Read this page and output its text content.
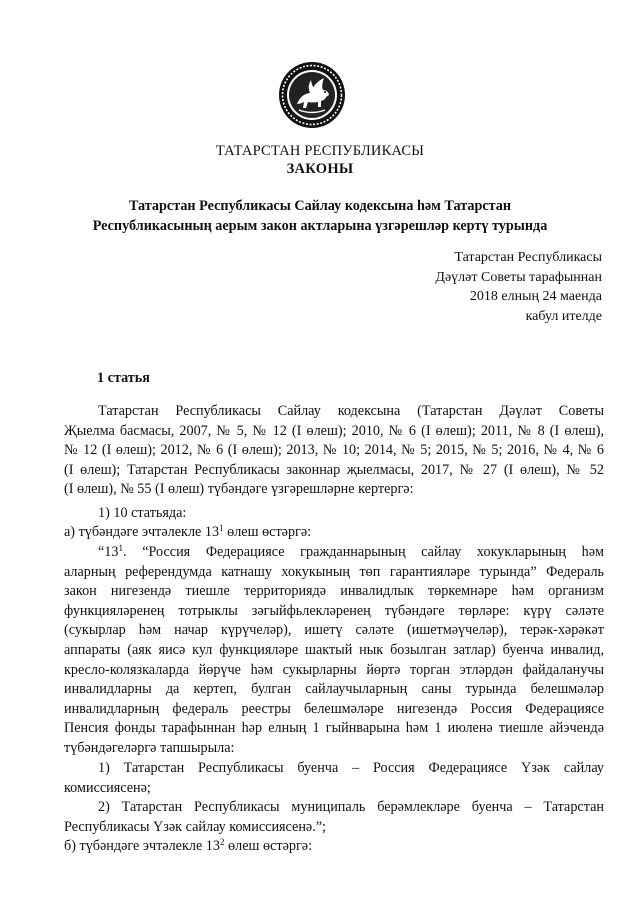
ТАТАРСТАН РЕСПУБЛИКАСЫ
ЗАКОНЫ
Татарстан Республикасы Сайлау кодексына һәм Татарстан
Республикасының аерым закон актларына үзгәрешләр кертү турында
Татарстан Республикасы
Дәүләт Советы тарафыннан
2018 елның 24 маенда
кабул ителде
1 статья
Татарстан Республикасы Сайлау кодексына (Татарстан Дәүләт Советы
Җыелма басмасы, 2007, № 5, № 12 (I өлеш); 2010, № 6 (I өлеш); 2011, № 8 (I өлеш),
№ 12 (I өлеш); 2012, № 6 (I өлеш); 2013, № 10; 2014, № 5; 2015, № 5; 2016, № 4, № 6
(I өлеш); Татарстан Республикасы законнар җыелмасы, 2017, № 27 (I өлеш), № 52
(I өлеш), № 55 (I өлеш) түбәндәге үзгәрешләрне кертергә:
1) 10 статьяда:
а) түбәндәге эчтәлекле $13^1$ өлеш өстәргә:
“$13^1$. “Россия Федерациясе гражданнарының сайлау хокукларының һәм
аларның референдумда катнашу хокукының төп гарантияләре турында” Федераль
закон нигезендә тиешле территориядә инвалидлык төркемнәре һәм организм
функцияләренең тотрыклы зәгыйфьлекләренең түбәндәге төрләре: күрү сәләте
(сукырлар һәм начар күрүчеләр), ишетү сәләте (ишетмәүчеләр), терәк-хәрәкәт
аппараты (аяк яисә кул функцияләре шактый нык бозылган затлар) буенча инвалид,
кресло-колязкаларда йөрүче һәм сукырларны йөртә торган этләрдән файдаланучы
инвалидларны да кертеп, булган сайлаучыларның саны турында белешмәләр
инвалидларның федераль реестры белешмәләре нигезендә Россия Федерациясе
Пенсия фонды тарафыннан һәр елның 1 гыйнварына һәм 1 июленә тиешле айэчендә
түбәндәгеләргә тапшырыла:
1) Татарстан Республикасы буенча – Россия Федерациясе Үзәк сайлау
комиссиясенә;
2) Татарстан Республикасы муниципаль берәмлекләре буенча – Татарстан
Республикасы Үзәк сайлау комиссиясенә.”;
б) түбәндәге эчтәлекле $13^2$ өлеш өстәргә:
